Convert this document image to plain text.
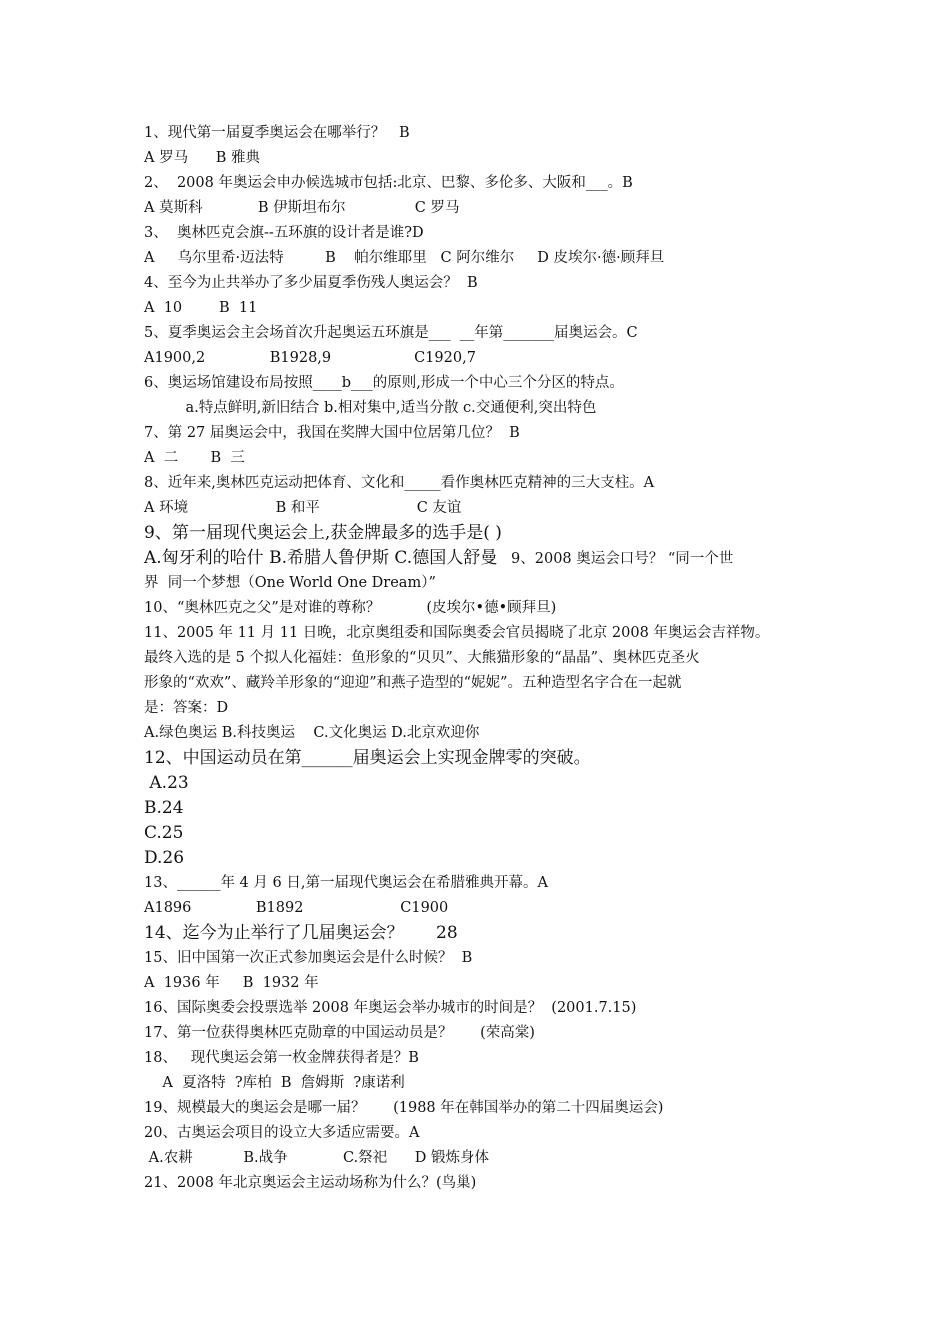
1、现代第一届夏季奥运会在哪举行？   B
A 罗马      B 雅典
2、  2008 年奥运会申办候选城市包括:北京、巴黎、多伦多、大阪和___。B
A 莫斯科            B 伊斯坦布尔               C 罗马
3、  奥林匹克会旗--五环旗的设计者是谁?D
A     乌尔里希·迈法特         B    帕尔维耶里   C 阿尔维尔     D 皮埃尔·德·顾拜旦
4、至今为止共举办了多少届夏季伤残人奥运会？  B
A  10        B  11
5、夏季奥运会主会场首次升起奥运五环旗是___  __年第_______届奥运会。C
A1900,2              B1928,9                  C1920,7
6、奥运场馆建设布局按照____b___的原则,形成一个中心三个分区的特点。
a.特点鲜明,新旧结合 b.相对集中,适当分散 c.交通便利,突出特色
7、第 27 届奥运会中，我国在奖牌大国中位居第几位？  B
A  二       B  三
8、近年来,奥林匹克运动把体育、文化和_____看作奥林匹克精神的三大支柱。A
A 环境                   B 和平                     C 友谊
9、第一届现代奥运会上,获金牌最多的选手是( )
A.匈牙利的哈什 B.希腊人鲁伊斯 C.德国人舒曼   9、2008 奥运会口号？ “同一个世
界  同一个梦想（One World One Dream）”
10、“奥林匹克之父”是对谁的尊称？          (皮埃尔•德•顾拜旦)
11、2005 年 11 月 11 日晚，北京奥组委和国际奥委会官员揭晓了北京 2008 年奥运会吉祥物。
最终入选的是 5 个拟人化福娃：鱼形象的“贝贝”、大熊猫形象的“晶晶”、奥林匹克圣火
形象的“欢欢”、藏羚羊形象的“迎迎”和燕子造型的“妮妮”。五种造型名字合在一起就
是：答案：D
A.绿色奥运 B.科技奥运    C.文化奥运 D.北京欢迎你
12、中国运动员在第______届奥运会上实现金牌零的突破。
A.23
B.24
C.25
D.26
13、______年 4 月 6 日,第一届现代奥运会在希腊雅典开幕。A
A1896              B1892                     C1900
14、迄今为止举行了几届奥运会？      28
15、旧中国第一次正式参加奥运会是什么时候？  B
A  1936 年     B  1932 年
16、国际奥委会投票选举 2008 年奥运会举办城市的时间是？  (2001.7.15)
17、第一位获得奥林匹克勋章的中国运动员是？      (荣高棠)
18、   现代奥运会第一枚金牌获得者是？B
A  夏洛特  ?库柏  B  詹姆斯  ?康诺利
19、规模最大的奥运会是哪一届？      (1988 年在韩国举办的第二十四届奥运会)
20、古奥运会项目的设立大多适应需要。A
A.农耕           B.战争            C.祭祀      D 锻炼身体
21、2008 年北京奥运会主运动场称为什么？(鸟巢)
